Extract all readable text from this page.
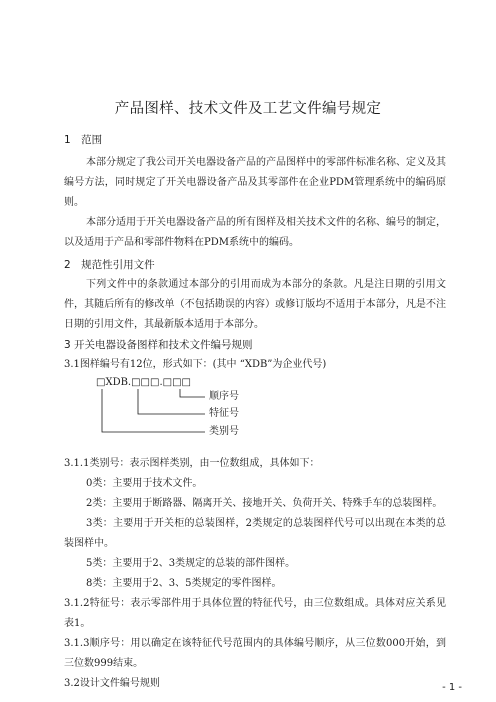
产品图样、技术文件及工艺文件编号规定

1　范围

本部分规定了我公司开关电器设备产品的产品图样中的零部件标准名称、定义及其编号方法，同时规定了开关电器设备产品及其零部件在企业PDM管理系统中的编码原则。

本部分适用于开关电器设备产品的所有图样及相关技术文件的名称、编号的制定，以及适用于产品和零部件物料在PDM系统中的编码。

2　规范性引用文件

下列文件中的条款通过本部分的引用而成为本部分的条款。凡是注日期的引用文件，其随后所有的修改单（不包括勘误的内容）或修订版均不适用于本部分，凡是不注日期的引用文件，其最新版本适用于本部分。

3 开关电器设备图样和技术文件编号规则

3.1图样编号有12位，形式如下：(其中 “XDB”为企业代号)

□XDB.□□□.□□□
顺序号
特征号
类别号

3.1.1类别号：表示图样类别，由一位数组成，具体如下：

0类：主要用于技术文件。

2类：主要用于断路器、隔离开关、接地开关、负荷开关、特殊手车的总装图样。

3类：主要用于开关柜的总装图样，2类规定的总装图样代号可以出现在本类的总装图样中。

5类：主要用于2、3类规定的总装的部件图样。

8类：主要用于2、3、5类规定的零件图样。

3.1.2特征号：表示零部件用于具体位置的特征代号，由三位数组成。具体对应关系见表1。

3.1.3顺序号：用以确定在该特征代号范围内的具体编号顺序，从三位数000开始，到三位数999结束。

3.2设计文件编号规则	- 1 -
